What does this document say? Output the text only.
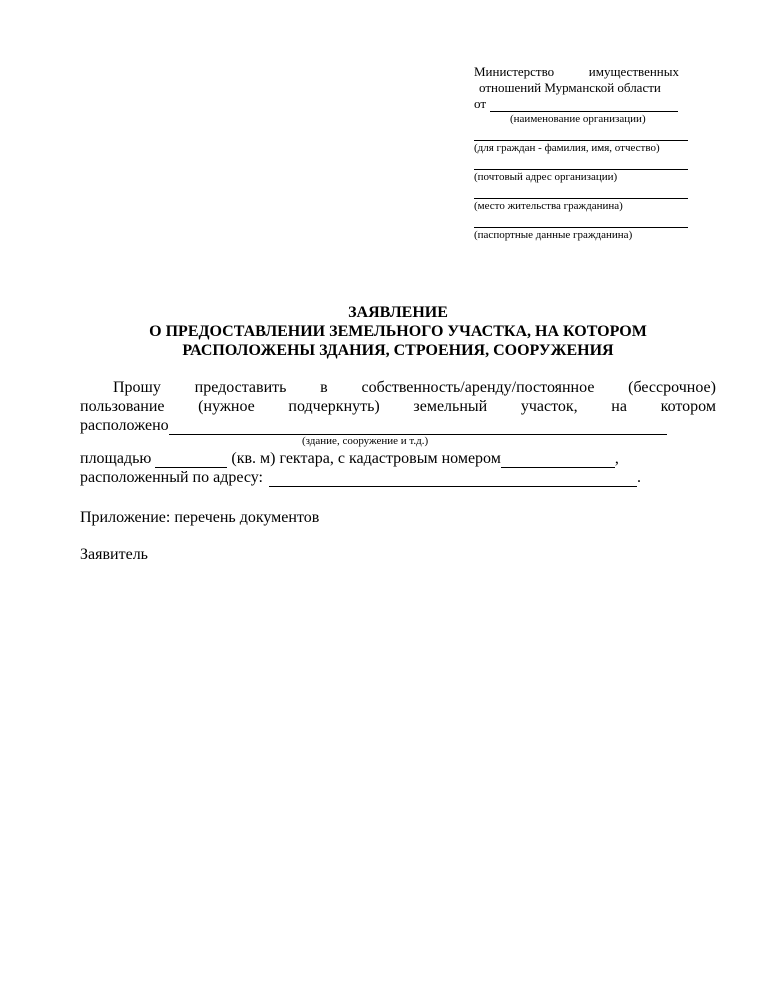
Министерство	имущественных
отношений Мурманской области
от
(наименование организации)
(для граждан - фамилия, имя, отчество)
(почтовый адрес организации)
(место жительства гражданина)
(паспортные данные гражданина)
ЗАЯВЛЕНИЕ
О ПРЕДОСТАВЛЕНИИ ЗЕМЕЛЬНОГО УЧАСТКА, НА КОТОРОМ
РАСПОЛОЖЕНЫ ЗДАНИЯ, СТРОЕНИЯ, СООРУЖЕНИЯ
Прошу предоставить в собственность/аренду/постоянное (бессрочное)
пользование (нужное подчеркнуть) земельный участок, на котором
расположено
(здание, сооружение и т.д.)
площадью	(кв. м) гектара, с кадастровым номером	,
расположенный по адресу:	.
Приложение: перечень документов
Заявитель
